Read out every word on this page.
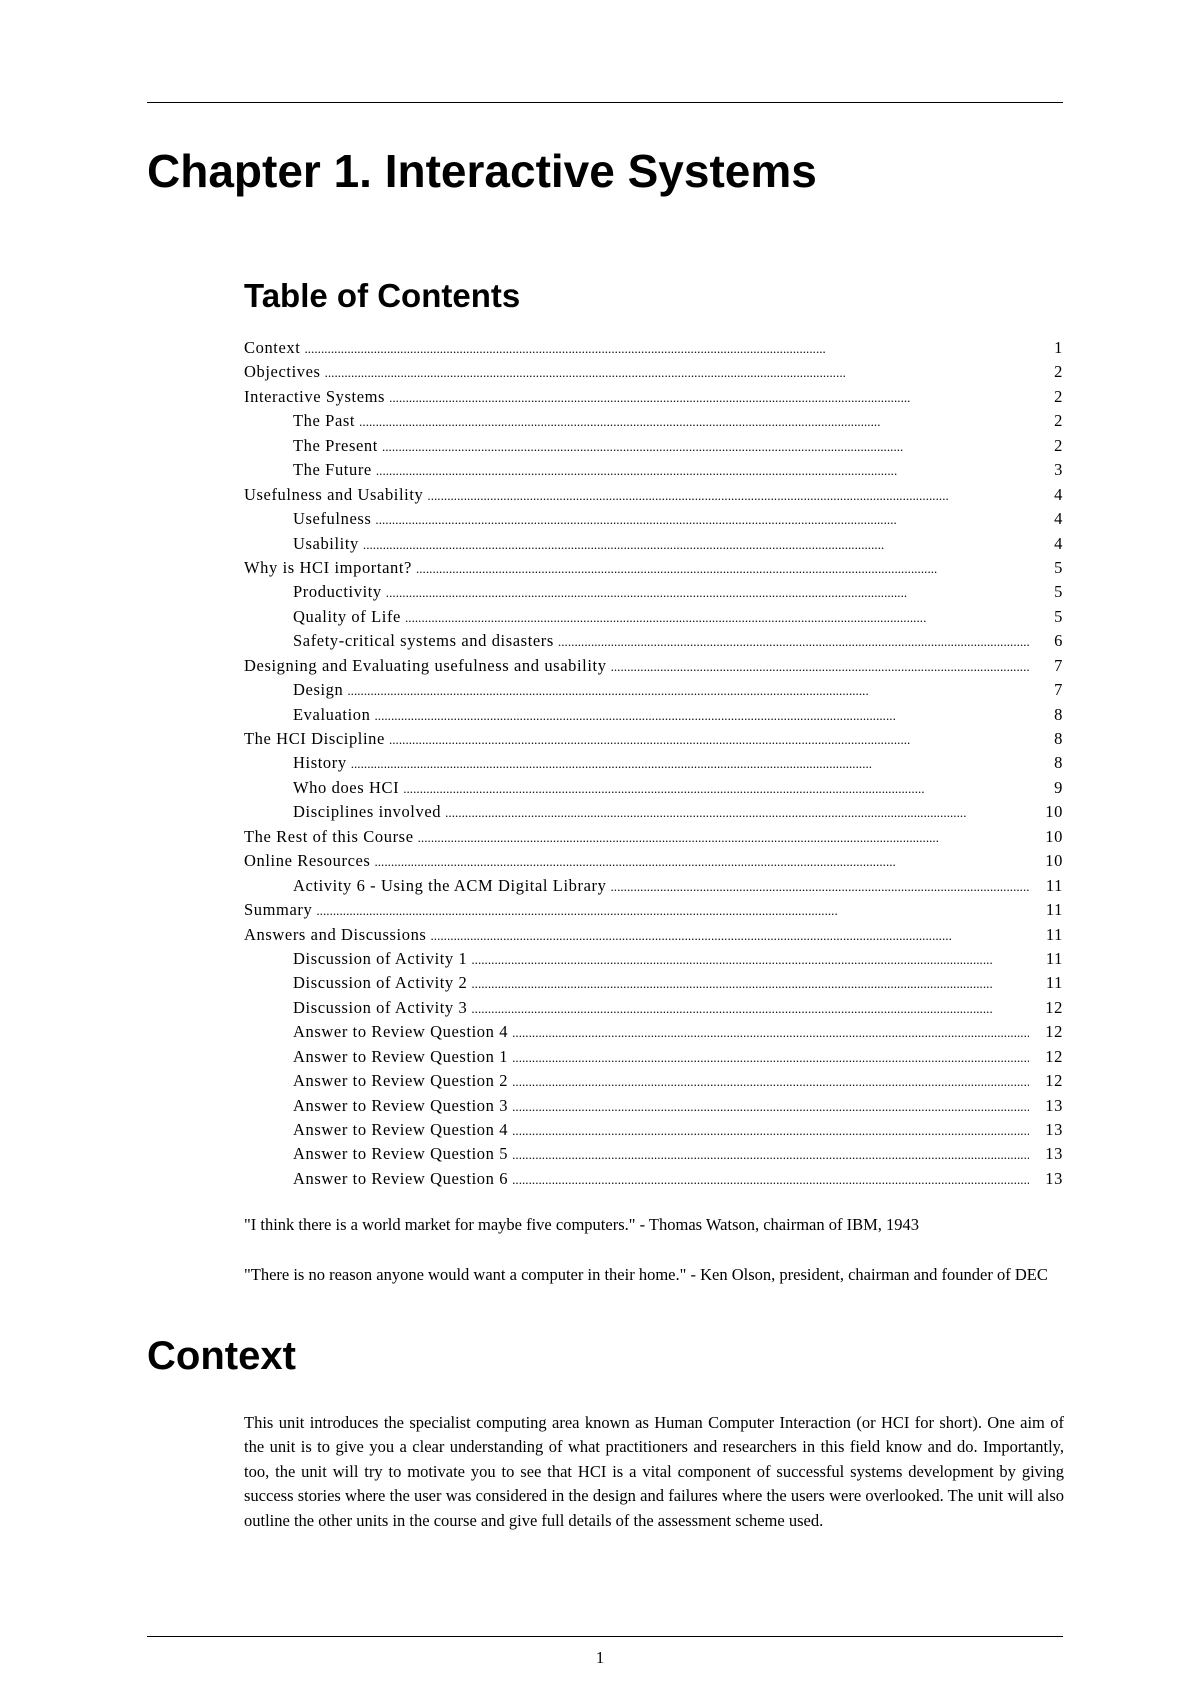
Chapter 1. Interactive Systems
Table of Contents
Context . . .	1
Objectives . . .	2
Interactive Systems . . .	2
The Past . . .	2
The Present . . .	2
The Future . . .	3
Usefulness and Usability . . .	4
Usefulness . . .	4
Usability . . .	4
Why is HCI important? . . .	5
Productivity . . .	5
Quality of Life . . .	5
Safety-critical systems and disasters . . .	6
Designing and Evaluating usefulness and usability . . .	7
Design . . .	7
Evaluation . . .	8
The HCI Discipline . . .	8
History . . .	8
Who does HCI . . .	9
Disciplines involved . . .	10
The Rest of this Course . . .	10
Online Resources . . .	10
Activity 6 - Using the ACM Digital Library . . .	11
Summary . . .	11
Answers and Discussions . . .	11
Discussion of Activity 1 . . .	11
Discussion of Activity 2 . . .	11
Discussion of Activity 3 . . .	12
Answer to Review Question 4 . . .	12
Answer to Review Question 1 . . .	12
Answer to Review Question 2 . . .	12
Answer to Review Question 3 . . .	13
Answer to Review Question 4 . . .	13
Answer to Review Question 5 . . .	13
Answer to Review Question 6 . . .	13

"I think there is a world market for maybe five computers." - Thomas Watson, chairman of IBM, 1943

"There is no reason anyone would want a computer in their home." - Ken Olson, president, chairman and founder of DEC

Context

This unit introduces the specialist computing area known as Human Computer Interaction (or HCI for short). One aim of the unit is to give you a clear understanding of what practitioners and researchers in this field know and do. Importantly, too, the unit will try to motivate you to see that HCI is a vital component of successful systems development by giving success stories where the user was considered in the design and failures where the users were overlooked. The unit will also outline the other units in the course and give full details of the assessment scheme used.

1
